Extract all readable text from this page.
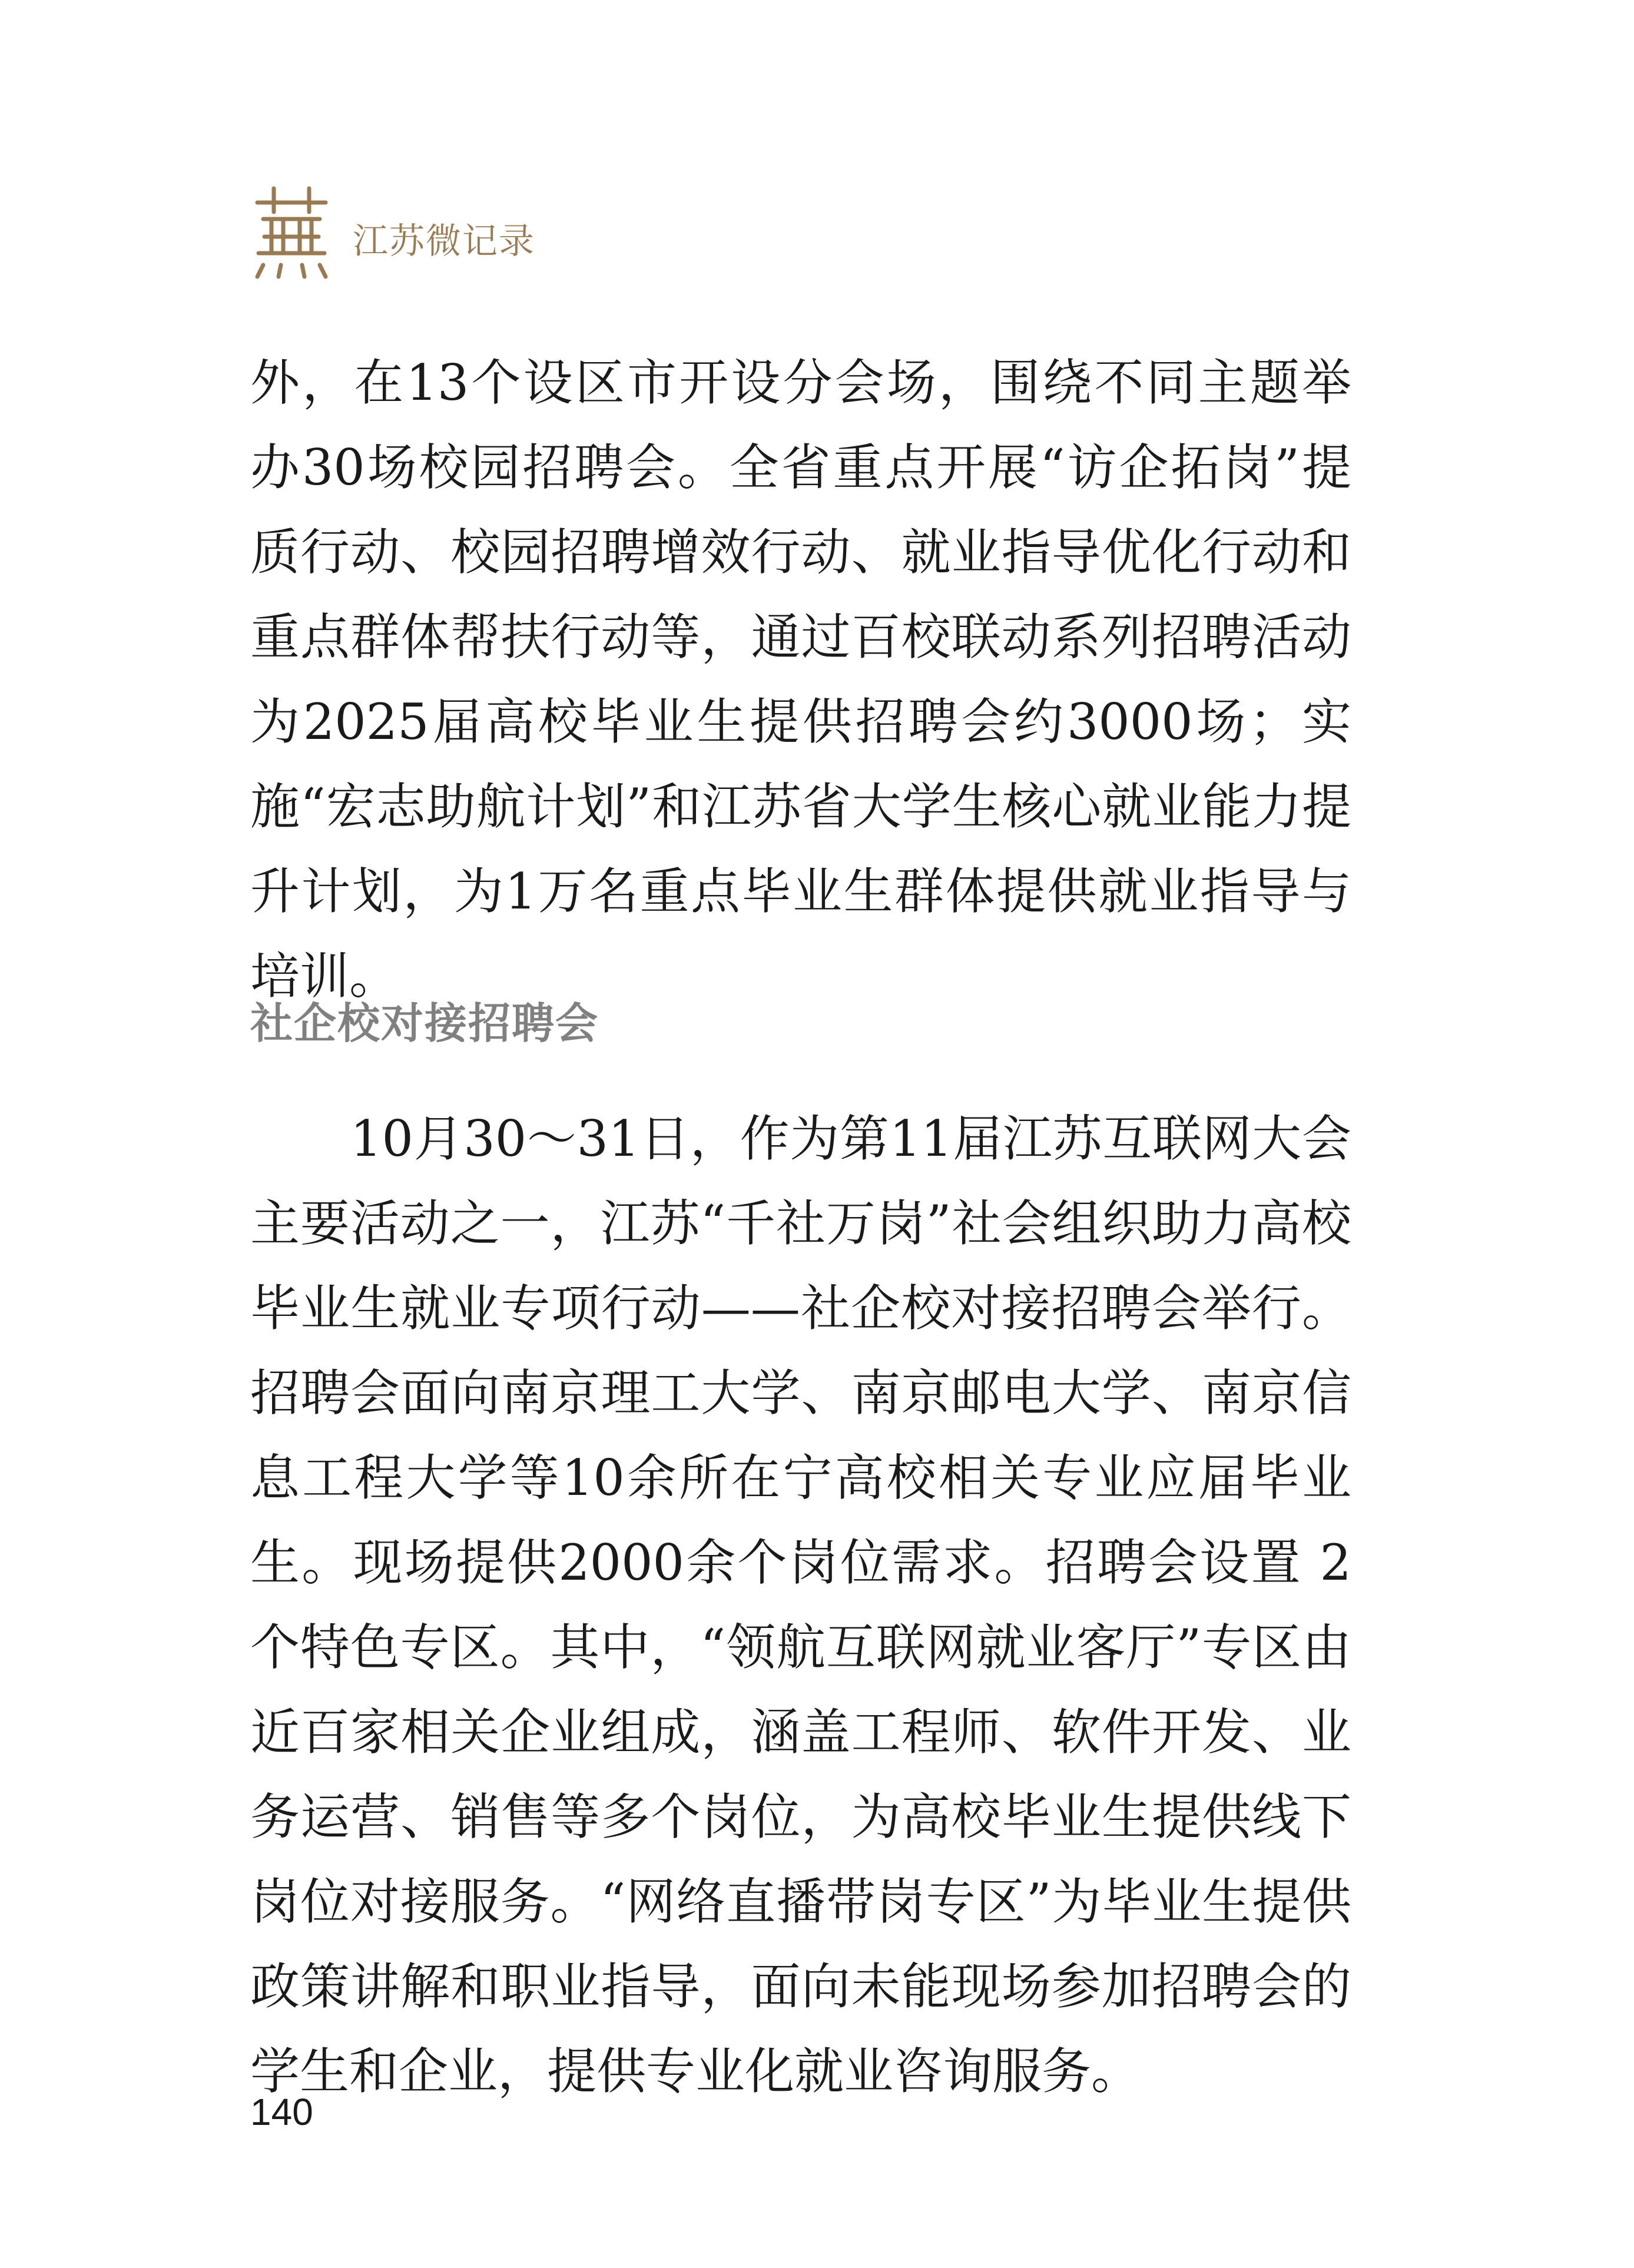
江苏微记录
外，在13个设区市开设分会场，围绕不同主题举办30场校园招聘会。全省重点开展“访企拓岗”提质行动、校园招聘增效行动、就业指导优化行动和重点群体帮扶行动等，通过百校联动系列招聘活动为2025届高校毕业生提供招聘会约3000场；实施“宏志助航计划”和江苏省大学生核心就业能力提升计划，为1万名重点毕业生群体提供就业指导与培训。
社企校对接招聘会
10月30～31日，作为第11届江苏互联网大会主要活动之一，江苏“千社万岗”社会组织助力高校毕业生就业专项行动——社企校对接招聘会举行。招聘会面向南京理工大学、南京邮电大学、南京信息工程大学等10余所在宁高校相关专业应届毕业生。现场提供2000余个岗位需求。招聘会设置 2 个特色专区。其中，“领航互联网就业客厅”专区由近百家相关企业组成，涵盖工程师、软件开发、业务运营、销售等多个岗位，为高校毕业生提供线下岗位对接服务。“网络直播带岗专区”为毕业生提供政策讲解和职业指导，面向未能现场参加招聘会的学生和企业，提供专业化就业咨询服务。
140
